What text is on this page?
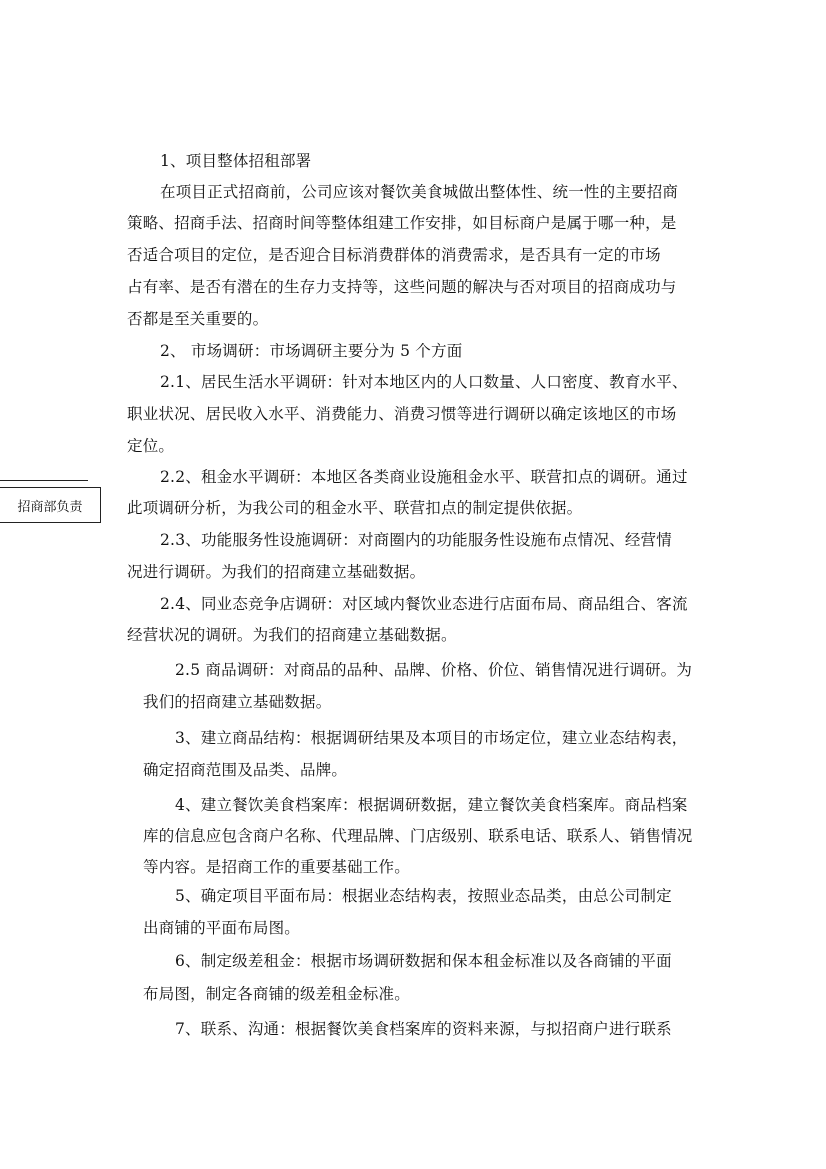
1、项目整体招租部署
在项目正式招商前，公司应该对餐饮美食城做出整体性、统一性的主要招商
策略、招商手法、招商时间等整体组建工作安排，如目标商户是属于哪一种，是
否适合项目的定位，是否迎合目标消费群体的消费需求，是否具有一定的市场
占有率、是否有潜在的生存力支持等，这些问题的解决与否对项目的招商成功与
否都是至关重要的。
2、 市场调研：市场调研主要分为 5 个方面
2.1、居民生活水平调研：针对本地区内的人口数量、人口密度、教育水平、
职业状况、居民收入水平、消费能力、消费习惯等进行调研以确定该地区的市场
定位。
2.2、租金水平调研：本地区各类商业设施租金水平、联营扣点的调研。通过
此项调研分析，为我公司的租金水平、联营扣点的制定提供依据。
2.3、功能服务性设施调研：对商圈内的功能服务性设施布点情况、经营情
况进行调研。为我们的招商建立基础数据。
2.4、同业态竞争店调研：对区域内餐饮业态进行店面布局、商品组合、客流
经营状况的调研。为我们的招商建立基础数据。
2.5 商品调研：对商品的品种、品牌、价格、价位、销售情况进行调研。为
我们的招商建立基础数据。
3、建立商品结构：根据调研结果及本项目的市场定位，建立业态结构表，
确定招商范围及品类、品牌。
4、建立餐饮美食档案库：根据调研数据，建立餐饮美食档案库。商品档案
库的信息应包含商户名称、代理品牌、门店级别、联系电话、联系人、销售情况
等内容。是招商工作的重要基础工作。
5、确定项目平面布局：根据业态结构表，按照业态品类，由总公司制定
出商铺的平面布局图。
6、制定级差租金：根据市场调研数据和保本租金标准以及各商铺的平面
布局图，制定各商铺的级差租金标准。
7、联系、沟通：根据餐饮美食档案库的资料来源，与拟招商户进行联系
招商部负责
